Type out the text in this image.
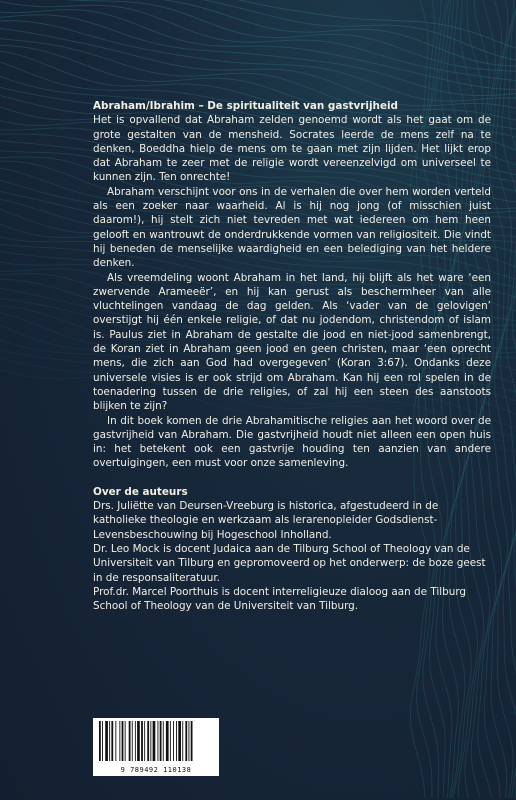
Abraham/Ibrahim – De spiritualiteit van gastvrijheid

Het is opvallend dat Abraham zelden genoemd wordt als het gaat om de grote gestalten van de mensheid. Socrates leerde de mens zelf na te denken, Boeddha hielp de mens om te gaan met zijn lijden. Het lijkt erop dat Abraham te zeer met de religie wordt vereenzelvigd om universeel te kunnen zijn. Ten onrechte!

Abraham verschijnt voor ons in de verhalen die over hem worden verteld als een zoeker naar waarheid. Al is hij nog jong (of misschien juist daarom!), hij stelt zich niet tevreden met wat iedereen om hem heen gelooft en wantrouwt de onderdrukkende vormen van religiositeit. Die vindt hij beneden de menselijke waardigheid en een belediging van het heldere denken.

Als vreemdeling woont Abraham in het land, hij blijft als het ware ‘een zwervende Arameeër’, en hij kan gerust als beschermheer van alle vluchtelingen vandaag de dag gelden. Als ‘vader van de gelovigen’ overstijgt hij één enkele religie, of dat nu jodendom, christendom of islam is. Paulus ziet in Abraham de gestalte die jood en niet-jood samenbrengt, de Koran ziet in Abraham geen jood en geen christen, maar ‘een oprecht mens, die zich aan God had overgegeven’ (Koran 3:67). Ondanks deze universele visies is er ook strijd om Abraham. Kan hij een rol spelen in de toenadering tussen de drie religies, of zal hij een steen des aanstoots blijken te zijn?

In dit boek komen de drie Abrahamitische religies aan het woord over de gastvrijheid van Abraham. Die gastvrijheid houdt niet alleen een open huis in: het betekent ook een gastvrije houding ten aanzien van andere overtuigingen, een must voor onze samenleving.

Over de auteurs

Drs. Juliëtte van Deursen-Vreeburg is historica, afgestudeerd in de katholieke theologie en werkzaam als lerarenopleider Godsdienst-Levensbeschouwing bij Hogeschool Inholland.

Dr. Leo Mock is docent Judaica aan de Tilburg School of Theology van de Universiteit van Tilburg en gepromoveerd op het onderwerp: de boze geest in de responsaliteratuur.

Prof.dr. Marcel Poorthuis is docent interreligieuze dialoog aan de Tilburg School of Theology van de Universiteit van Tilburg.

9 789492 110138
